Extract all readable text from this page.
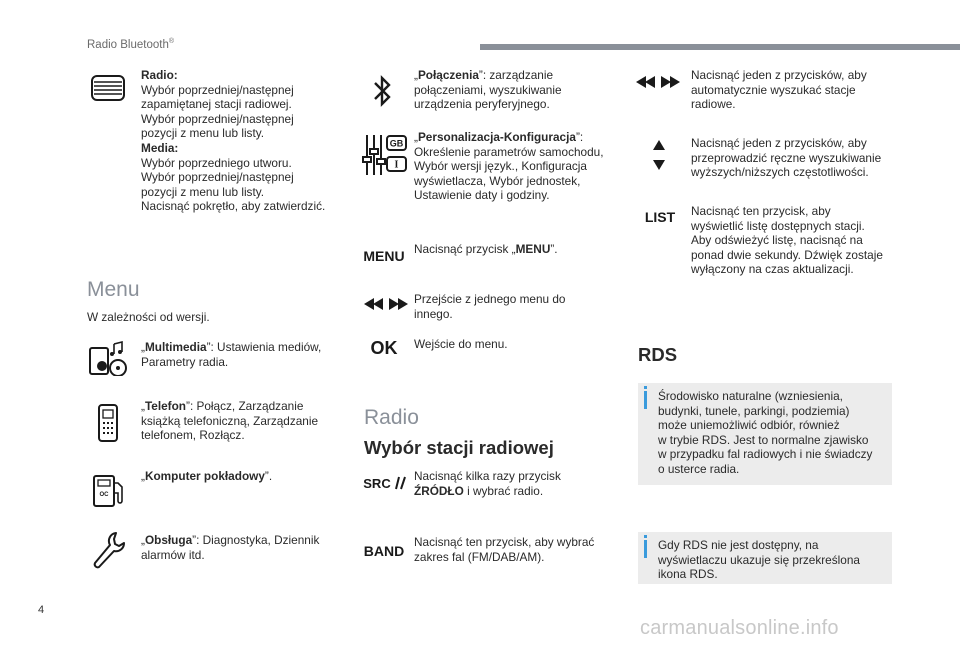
Radio Bluetooth®
Radio:
Wybór poprzedniej/następnej
zapamiętanej stacji radiowej.
Wybór poprzedniej/następnej
pozycji z menu lub listy.
Media:
Wybór poprzedniego utworu.
Wybór poprzedniej/następnej
pozycji z menu lub listy.
Nacisnąć pokrętło, aby zatwierdzić.
Menu
W zależności od wersji.
„Multimedia”: Ustawienia mediów,
Parametry radia.
„Telefon”: Połącz, Zarządzanie
książką telefoniczną, Zarządzanie
telefonem, Rozłącz.
OC
„Komputer pokładowy”.
„Obsługa”: Diagnostyka, Dziennik
alarmów itd.
„Połączenia”: zarządzanie
połączeniami, wyszukiwanie
urządzenia peryferyjnego.
GB
I
„Personalizacja-Konfiguracja”:
Określenie parametrów samochodu,
Wybór wersji język., Konfiguracja
wyświetlacza, Wybór jednostek,
Ustawienie daty i godziny.
MENU Nacisnąć przycisk „MENU”.
Przejście z jednego menu do
innego.
OK	Wejście do menu.
Radio
Wybór stacji radiowej
SRC Nacisnąć kilka razy przycisk
ŹRÓDŁO i wybrać radio.
BAND
Nacisnąć ten przycisk, aby wybrać
zakres fal (FM/DAB/AM).
Nacisnąć jeden z przycisków, aby
automatycznie wyszukać stacje
radiowe.
Nacisnąć jeden z przycisków, aby
przeprowadzić ręczne wyszukiwanie
wyższych/niższych częstotliwości.
LIST	Nacisnąć ten przycisk, aby
wyświetlić listę dostępnych stacji.
Aby odświeżyć listę, nacisnąć na
ponad dwie sekundy. Dźwięk zostaje
wyłączony na czas aktualizacji.
RDS
Środowisko naturalne (wzniesienia,
budynki, tunele, parkingi, podziemia)
może uniemożliwić odbiór, również
w trybie RDS. Jest to normalne zjawisko
w przypadku fal radiowych i nie świadczy
o usterce radia.
Gdy RDS nie jest dostępny, na
wyświetlaczu ukazuje się przekreślona
ikona RDS.
4
carmanualsonline.info
